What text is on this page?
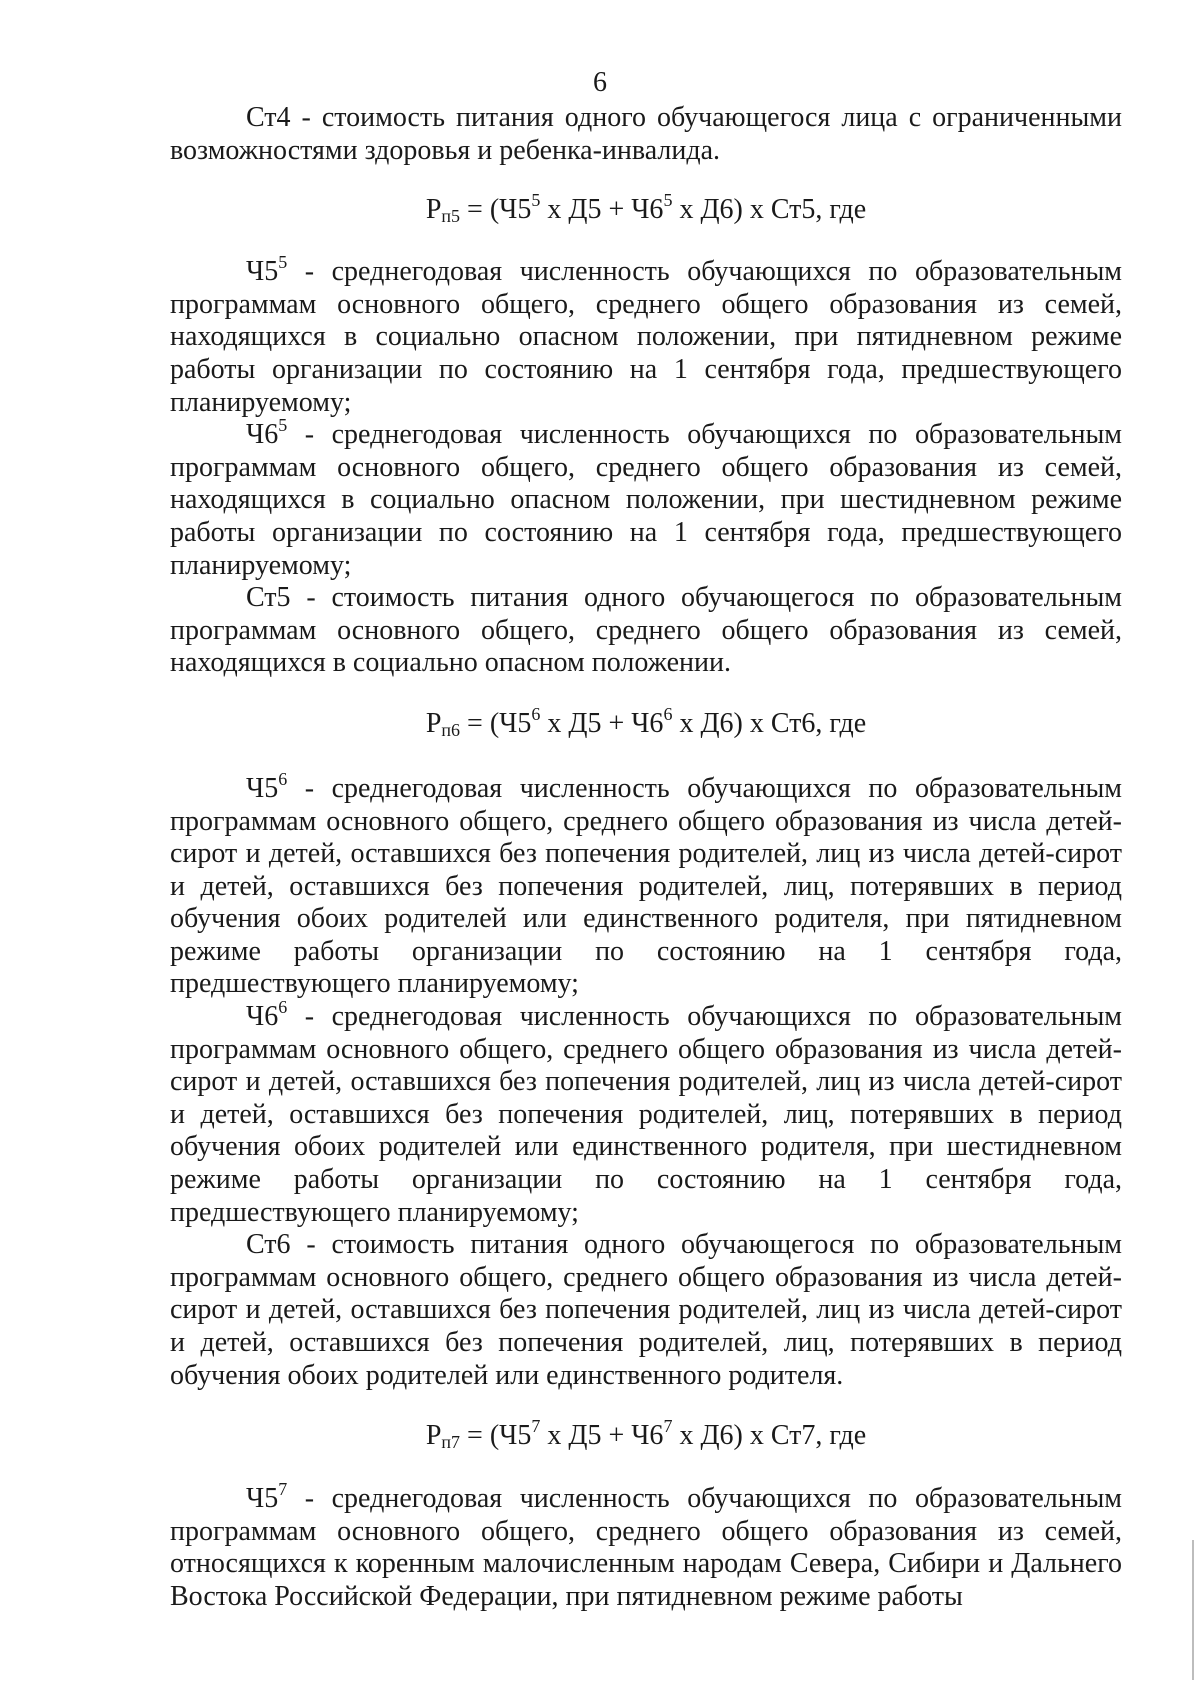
6

Ст4 - стоимость питания одного обучающегося лица с ограниченными возможностями здоровья и ребенка-инвалида.

$Р_{п5} = (Ч5^5$ х $Д5 + Ч6^5$ х Д6) х Ст5, где

$Ч5^5$ - среднегодовая численность обучающихся по образовательным программам основного общего, среднего общего образования из семей, находящихся в социально опасном положении, при пятидневном режиме работы организации по состоянию на 1 сентября года, предшествующего планируемому;

$Ч6^5$ - среднегодовая численность обучающихся по образовательным программам основного общего, среднего общего образования из семей, находящихся в социально опасном положении, при шестидневном режиме работы организации по состоянию на 1 сентября года, предшествующего планируемому;

Ст5 - стоимость питания одного обучающегося по образовательным программам основного общего, среднего общего образования из семей, находящихся в социально опасном положении.

$Р_{п6} = (Ч5^6$ х $Д5 + Ч6^6$ х Д6) х Ст6, где

$Ч5^6$ - среднегодовая численность обучающихся по образовательным программам основного общего, среднего общего образования из числа детей-сирот и детей, оставшихся без попечения родителей, лиц из числа детей-сирот и детей, оставшихся без попечения родителей, лиц, потерявших в период обучения обоих родителей или единственного родителя, при пятидневном режиме работы организации по состоянию на 1 сентября года, предшествующего планируемому;

$Ч6^6$ - среднегодовая численность обучающихся по образовательным программам основного общего, среднего общего образования из числа детей-сирот и детей, оставшихся без попечения родителей, лиц из числа детей-сирот и детей, оставшихся без попечения родителей, лиц, потерявших в период обучения обоих родителей или единственного родителя, при шестидневном режиме работы организации по состоянию на 1 сентября года, предшествующего планируемому;

Ст6 - стоимость питания одного обучающегося по образовательным программам основного общего, среднего общего образования из числа детей-сирот и детей, оставшихся без попечения родителей, лиц из числа детей-сирот и детей, оставшихся без попечения родителей, лиц, потерявших в период обучения обоих родителей или единственного родителя.

$Р_{п7} = (Ч5^7$ х $Д5 + Ч6^7$ х Д6) х Ст7, где

$Ч5^7$ - среднегодовая численность обучающихся по образовательным программам основного общего, среднего общего образования из семей, относящихся к коренным малочисленным народам Севера, Сибири и Дальнего Востока Российской Федерации, при пятидневном режиме работы
